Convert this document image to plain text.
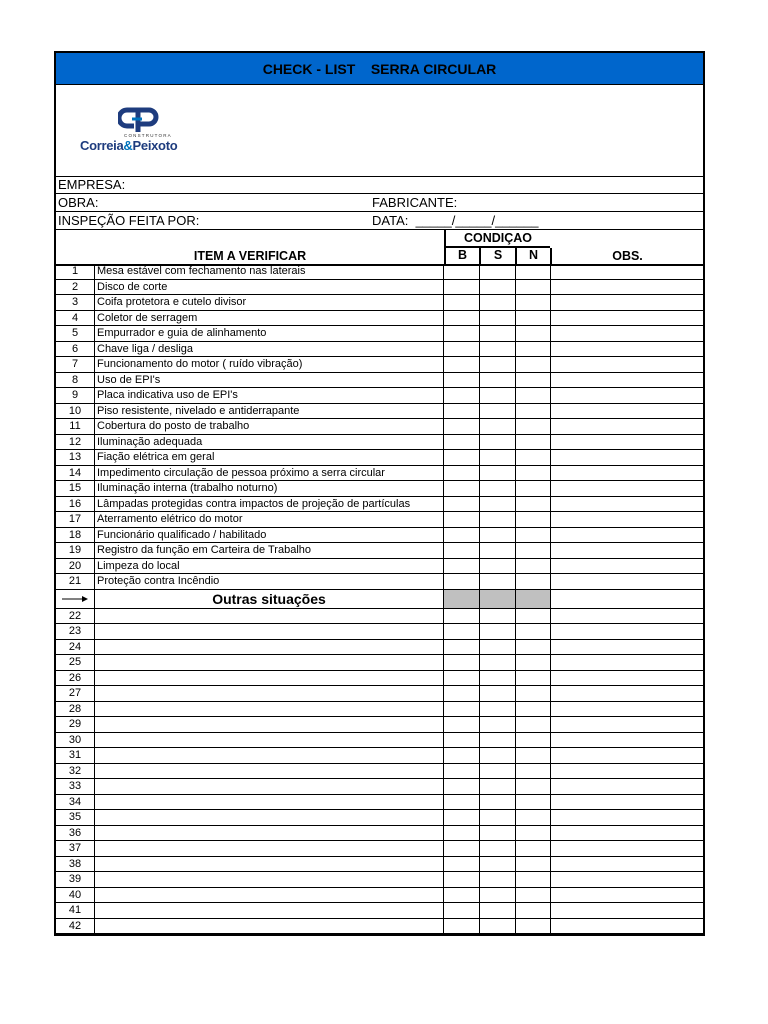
CHECK - LIST    SERRA CIRCULAR
CONSTRUTORA
Correia&Peixoto
EMPRESA:
OBRA:	FABRICANTE:
INSPEÇÃO FEITA POR:	DATA:  _____/_____/______
ITEM A VERIFICAR
CONDIÇAO
B	S	N	OBS.
1	Mesa estável com fechamento nas laterais
2	Disco de corte
3	Coifa protetora e cutelo divisor
4	Coletor de serragem
5	Empurrador e guia de alinhamento
6	Chave liga / desliga
7	Funcionamento do motor ( ruído vibração)
8	Uso de EPI's
9	Placa indicativa uso de EPI's
10	Piso resistente, nivelado e antiderrapante
11	Cobertura do posto de trabalho
12	Iluminação adequada
13	Fiação elétrica em geral
14	Impedimento circulação de pessoa próximo a serra circular
15	Iluminação interna (trabalho noturno)
16	Lâmpadas protegidas contra impactos de projeção de partículas
17	Aterramento elétrico do motor
18	Funcionário qualificado / habilitado
19	Registro da função em Carteira de Trabalho
20	Limpeza do local
21	Proteção contra Incêndio
Outras situações
22
23
24
25
26
27
28
29
30
31
32
33
34
35
36
37
38
39
40
41
42
